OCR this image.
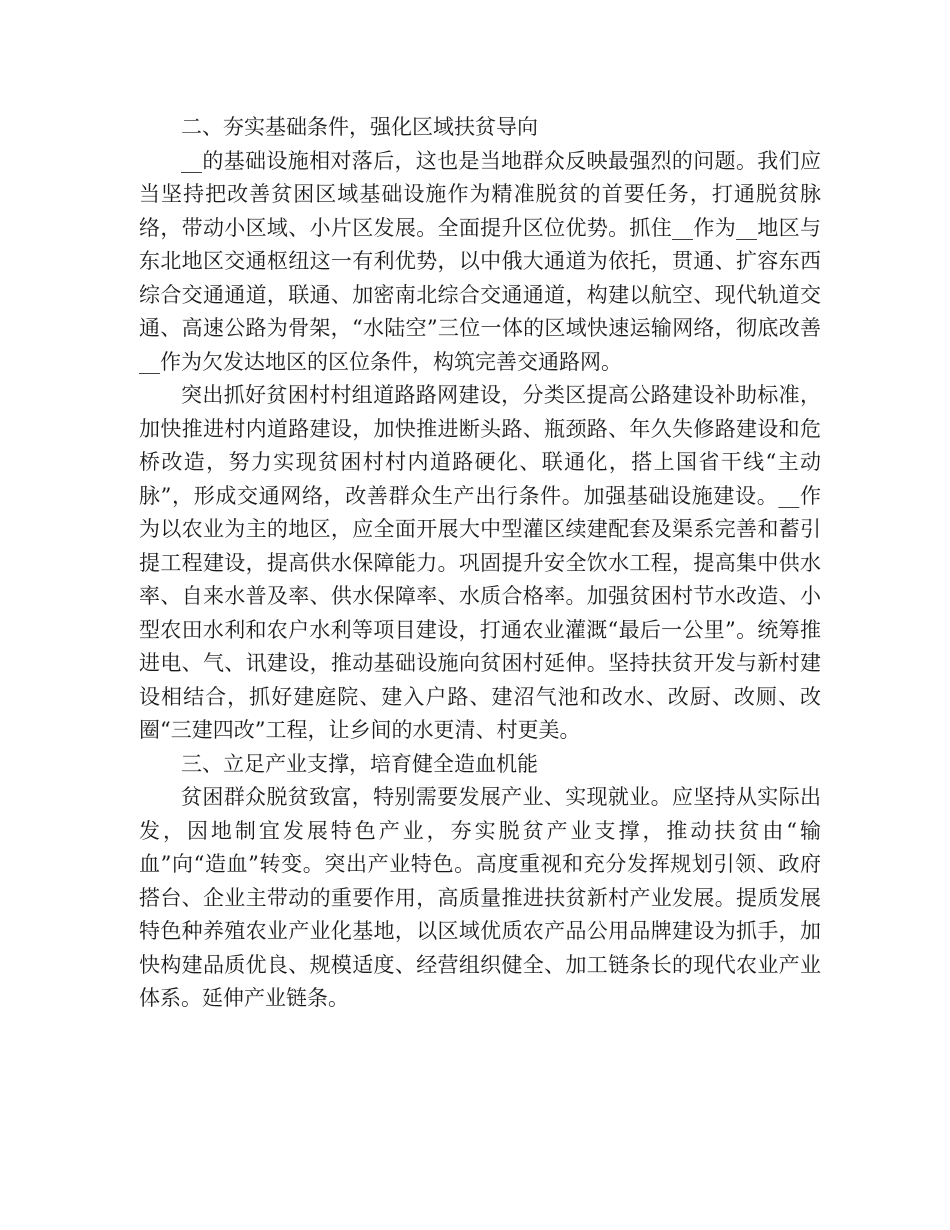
二、夯实基础条件，强化区域扶贫导向

__的基础设施相对落后，这也是当地群众反映最强烈的问题。我们应当坚持把改善贫困区域基础设施作为精准脱贫的首要任务，打通脱贫脉络，带动小区域、小片区发展。全面提升区位优势。抓住__作为__地区与东北地区交通枢纽这一有利优势，以中俄大通道为依托，贯通、扩容东西综合交通通道，联通、加密南北综合交通通道，构建以航空、现代轨道交通、高速公路为骨架，“水陆空”三位一体的区域快速运输网络，彻底改善__作为欠发达地区的区位条件，构筑完善交通路网。

突出抓好贫困村村组道路路网建设，分类区提高公路建设补助标准，加快推进村内道路建设，加快推进断头路、瓶颈路、年久失修路建设和危桥改造，努力实现贫困村村内道路硬化、联通化，搭上国省干线“主动脉”，形成交通网络，改善群众生产出行条件。加强基础设施建设。__作为以农业为主的地区，应全面开展大中型灌区续建配套及渠系完善和蓄引提工程建设，提高供水保障能力。巩固提升安全饮水工程，提高集中供水率、自来水普及率、供水保障率、水质合格率。加强贫困村节水改造、小型农田水利和农户水利等项目建设，打通农业灌溉“最后一公里”。统筹推进电、气、讯建设，推动基础设施向贫困村延伸。坚持扶贫开发与新村建设相结合，抓好建庭院、建入户路、建沼气池和改水、改厨、改厕、改圈“三建四改”工程，让乡间的水更清、村更美。

三、立足产业支撑，培育健全造血机能

贫困群众脱贫致富，特别需要发展产业、实现就业。应坚持从实际出发，因地制宜发展特色产业，夯实脱贫产业支撑，推动扶贫由“输血”向“造血”转变。突出产业特色。高度重视和充分发挥规划引领、政府搭台、企业主带动的重要作用，高质量推进扶贫新村产业发展。提质发展特色种养殖农业产业化基地，以区域优质农产品公用品牌建设为抓手，加快构建品质优良、规模适度、经营组织健全、加工链条长的现代农业产业体系。延伸产业链条。
